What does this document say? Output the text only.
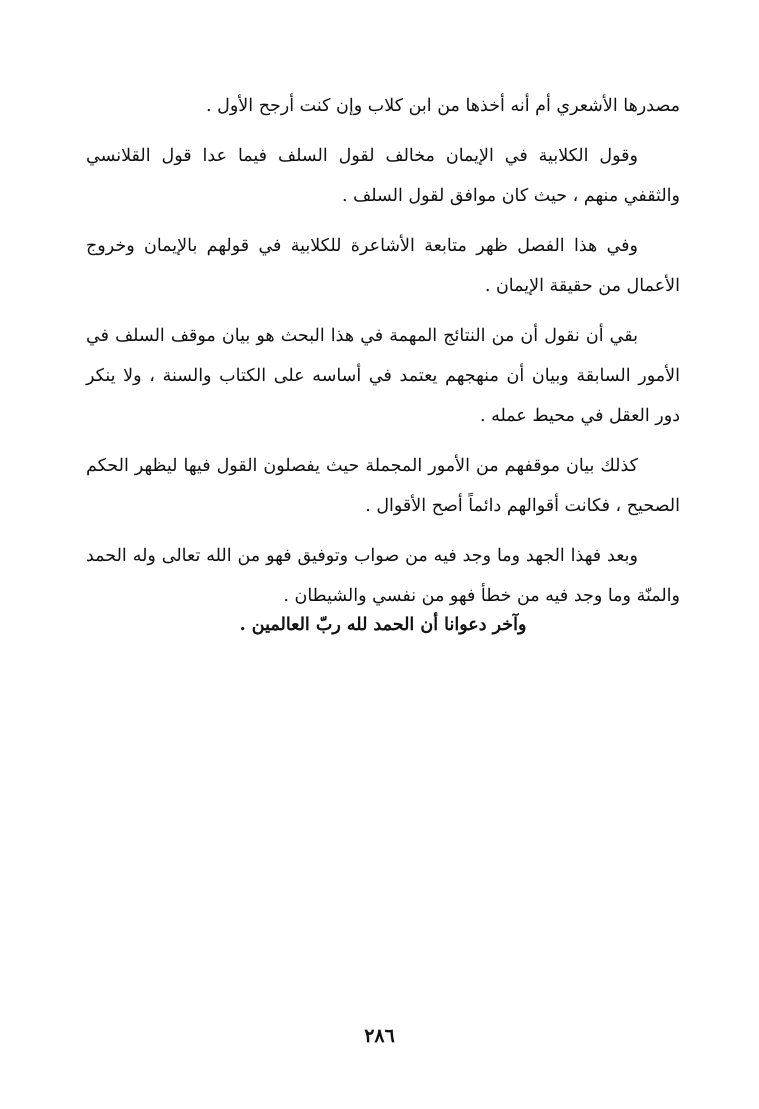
مصدرها الأشعري أم أنه أخذها من ابن كلاب وإن كنت أرجح الأول .

وقول الكلابية في الإيمان مخالف لقول السلف فيما عدا قول القلانسي والثقفي منهم ، حيث كان موافق لقول السلف .

وفي هذا الفصل ظهر متابعة الأشاعرة للكلابية في قولهم بالإيمان وخروج الأعمال من حقيقة الإيمان .

بقي أن نقول أن من النتائج المهمة في هذا البحث هو بيان موقف السلف في الأمور السابقة وبيان أن منهجهم يعتمد في أساسه على الكتاب والسنة ، ولا ينكر دور العقل في محيط عمله .

كذلك بيان موقفهم من الأمور المجملة حيث يفصلون القول فيها ليظهر الحكم الصحيح ، فكانت أقوالهم دائماً أصح الأقوال .

وبعد فهذا الجهد وما وجد فيه من صواب وتوفيق فهو من الله تعالى وله الحمد والمنّة وما وجد فيه من خطأ فهو من نفسي والشيطان .

وآخر دعوانا أن الحمد لله ربّ العالمين .
٢٨٦
